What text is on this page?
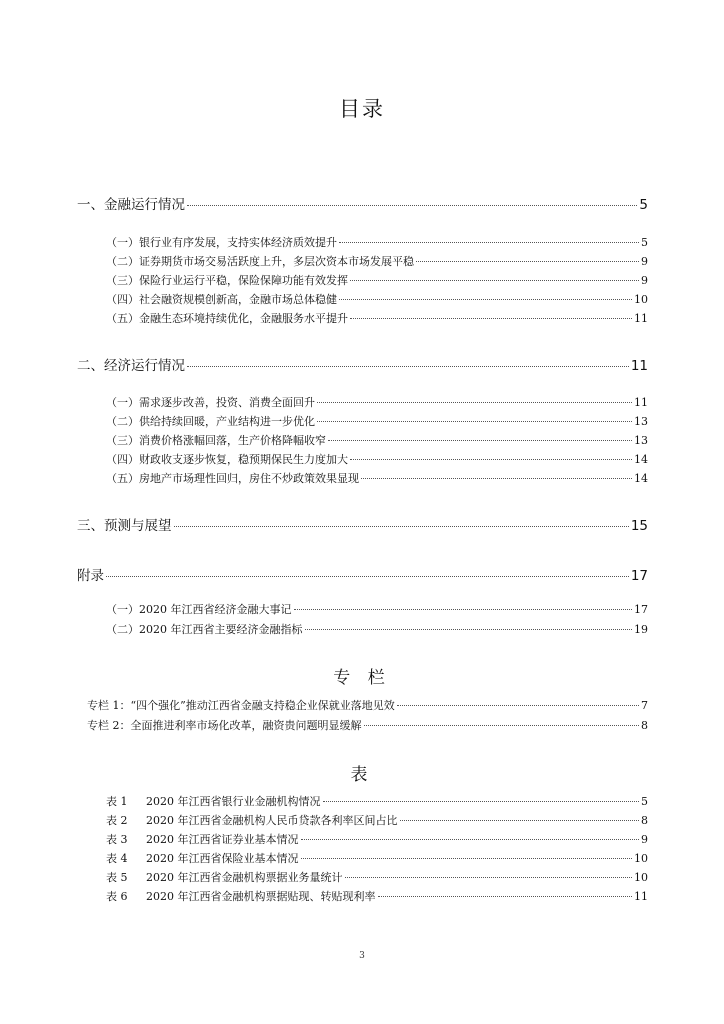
目录
一、金融运行情况	5
（一）银行业有序发展，支持实体经济质效提升	5
（二）证券期货市场交易活跃度上升，多层次资本市场发展平稳	9
（三）保险行业运行平稳，保险保障功能有效发挥	9
（四）社会融资规模创新高，金融市场总体稳健	10
（五）金融生态环境持续优化，金融服务水平提升	11
二、经济运行情况	11
（一）需求逐步改善，投资、消费全面回升	11
（二）供给持续回暖，产业结构进一步优化	13
（三）消费价格涨幅回落，生产价格降幅收窄	13
（四）财政收支逐步恢复，稳预期保民生力度加大	14
（五）房地产市场理性回归，房住不炒政策效果显现	14
三、预测与展望	15
附录	17
（一）2020 年江西省经济金融大事记	17
（二）2020 年江西省主要经济金融指标	19
专 栏
专栏 1：“四个强化”推动江西省金融支持稳企业保就业落地见效	7
专栏 2：全面推进利率市场化改革，融资贵问题明显缓解	8
表
表 1 2020 年江西省银行业金融机构情况	5
表 2 2020 年江西省金融机构人民币贷款各利率区间占比	8
表 3 2020 年江西省证券业基本情况	9
表 4 2020 年江西省保险业基本情况	10
表 5 2020 年江西省金融机构票据业务量统计	10
表 6 2020 年江西省金融机构票据贴现、转贴现利率	11
3
